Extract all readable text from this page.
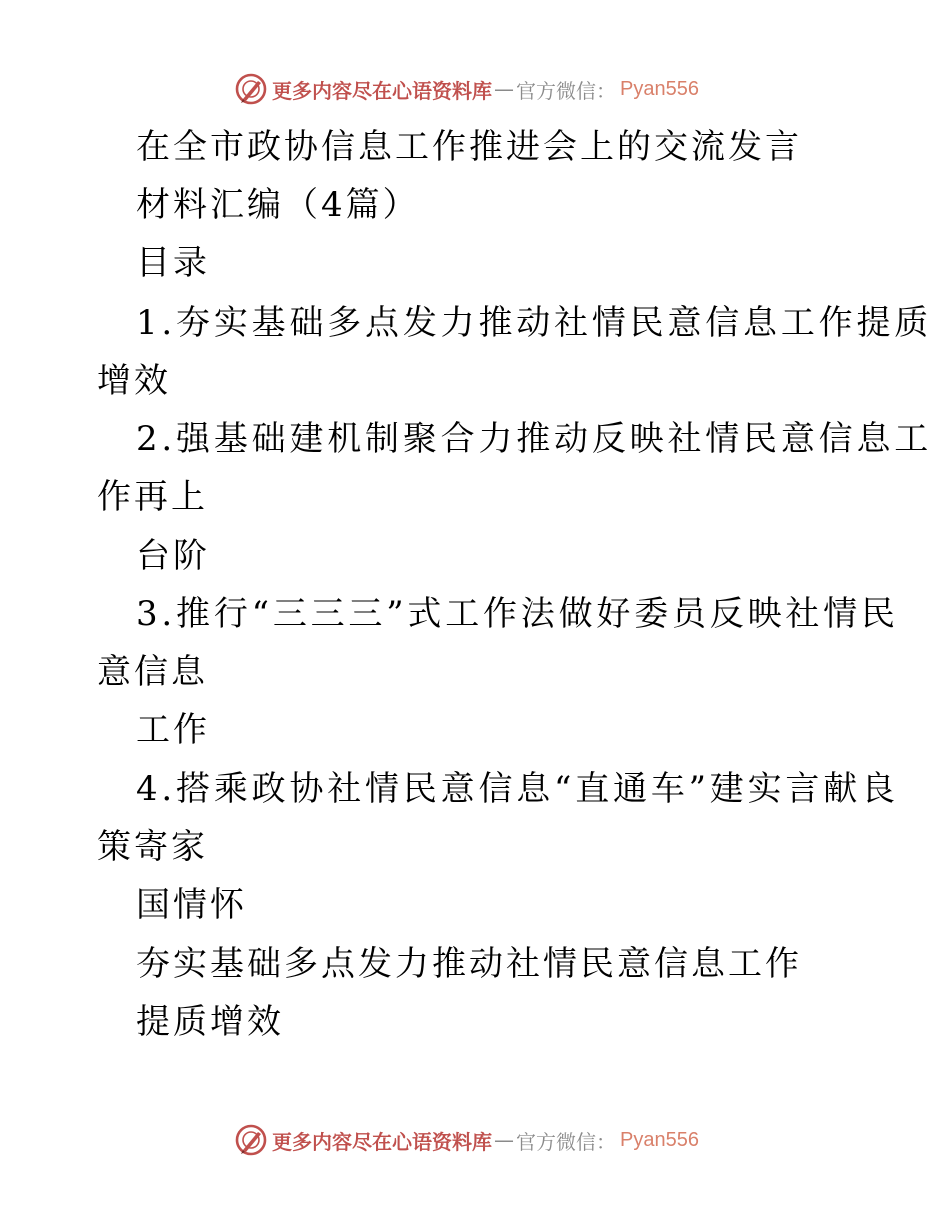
更多内容尽在心语资料库 — 官方微信： Pyan556
在全市政协信息工作推进会上的交流发言
材料汇编（4篇）
目录
1.夯实基础多点发力推动社情民意信息工作提质
增效
2.强基础建机制聚合力推动反映社情民意信息工
作再上
台阶
3.推行“三三三”式工作法做好委员反映社情民
意信息
工作
4.搭乘政协社情民意信息“直通车”建实言献良
策寄家
国情怀
夯实基础多点发力推动社情民意信息工作
提质增效
更多内容尽在心语资料库 — 官方微信： Pyan556
